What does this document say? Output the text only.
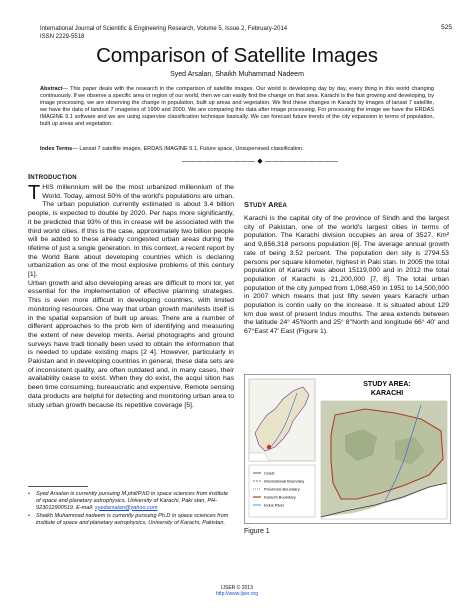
International Journal of Scientific & Engineering Research, Volume 5, Issue 2, February-2014
ISSN 2229-5518
525
Comparison of Satellite Images
Syed Arsalan, Shaikh Muhammad Nadeem
Abstract— This paper deals with the research in the comparison of satellite images. Our world is developing day by day, every thing in this world changing continuously. If we observe a specific area or region of our world, then we can easily find the change on that area. Karachi is the fast growing and developing, by image processing, we are observing the change in population, built up areas and vegetation. We find these changes in Karachi by images of lansat 7 satellite, we have the data of landsat 7 imageries of 1990 and 2000. We are comparing this data after image processing. For processing the image we have the ERDAS IMAGINE 9.1 software and we are using supervise classification technique basically. We can forecast future trends of the city expansion in terms of population, built up areas and vegetation.
Index Terms— Lansat 7 satellite images, ERDAS IMAGINE 9.1, Future space, Unsupervised classification.
—————————— ◆ ——————————
INTRODUCTION
THIS millennium will be the most urbanized millennium of the World. Today, almost 50% of the world's populations are urban. The urban population currently estimated is about 3.4 billion people, is expected to double by 2020. Per haps more significantly, it be predicted that 93% of this in crease will be associated with the third world cities. If this is the case, approximately two billion people will be added to these already congested urban areas during the lifetime of just a single generation. In this context, a recent report by the World Bank about developing countries which is declaring urbanization as one of the most explosive problems of this century [1].
Urban growth and also developing areas are difficult to moni tor, yet essential for the implementation of effective planning strategies. This is even more difficult in developing countries, with limited monitoring resources. One way that urban growth manifests itself is in the spatial expansion of built up areas. There are a number of different approaches to the prob lem of identifying and measuring the extent of new develop ments. Aerial photographs and ground surveys have tradi tionally been used to obtain the information that is needed to update existing maps [2 4]. However, particularly in Pakistan and in developing countries in general, these data sets are of inconsistent quality, are often outdated and, in many cases, their availability cease to exist. When they do exist, the acqui sition has been time consuming, bureaucratic and expensive. Remote sensing data products are helpful for detecting and monitoring urban area to study urban growth because its repetitive coverage [5].
STUDY AREA
Karachi is the capital city of the province of Sindh and the largest city of Pakistan, one of the world's largest cities in terms of population. The Karachi division occupies an area of 3527. Km² and 9,856,318 persons population [6]. The average annual growth rate of being 3.52 percent. The population den sity is 2794.53 persons per square kilometer, highest in Paki stan. In 2005 the total population of Karachi was about 15119,000 and in 2012 the total population of Karachi is 21,200,000 [7, 8]. The total urban population of the city jumped from 1,068,459 in 1951 to 14,500,000 in 2007 which means that just fifty seven years Karachi urban population is contin ually on the increase. It is situated about 129 km due west of present Indus mouths. The area extends between the latitude 24° 45'North and 25° 8''North and longitude 66° 40' and 67°East 47' East (Figure 1).
Coast
International Boundary
Provincial Boundary
Karachi Boundary
Indus River
STUDY AREA:
KARACHI
Figure 1
• Syed Arsalan is currently pursuing M.phil/P.hD in space sciences from institute of space and planetary astrophysics, University of Karachi, Paki stan, PH-923012900519. E-mail: syedarsalan@yahoo.com
• Shaikh Muhammad nadeem is currently pursuing Ph.D in space sciences from institute of space and planetary astrophysics, University of Karachi, Pakistan.
IJSER © 2013
http://www.ijser.org
